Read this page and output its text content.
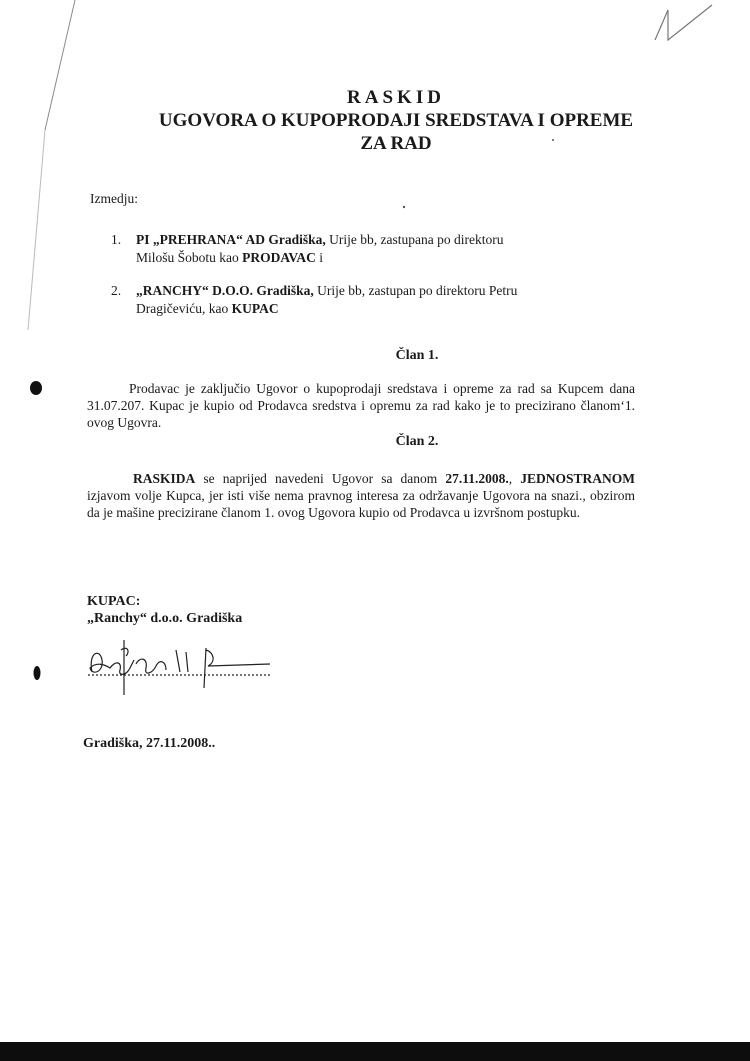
RASKID
UGOVORA O KUPOPRODAJI SREDSTAVA I OPREME
ZA RAD
Izmedju:
1. PI „PREHRANA“ AD Gradiška, Urije bb, zastupana po direktoru Milošu Šobotu kao PRODAVAC i
2. „RANCHY“ D.O.O. Gradiška, Urije bb, zastupan po direktoru Petru Dragičeviću, kao KUPAC
Član 1.
Prodavac je zaključio Ugovor o kupoprodaji sredstava i opreme za rad sa Kupcem dana 31.07.207. Kupac je kupio od Prodavca sredstva i opremu za rad kako je to precizirano članom‘1. ovog Ugovra.
Član 2.
RASKIDA se naprijed navedeni Ugovor sa danom 27.11.2008., JEDNOSTRANOM izjavom volje Kupca, jer isti više nema pravnog interesa za održavanje Ugovora na snazi., obzirom da je mašine precizirane članom 1. ovog Ugovora kupio od Prodavca u izvršnom postupku.
KUPAC:
„Ranchy“ d.o.o. Gradiška
Gradiška, 27.11.2008..
